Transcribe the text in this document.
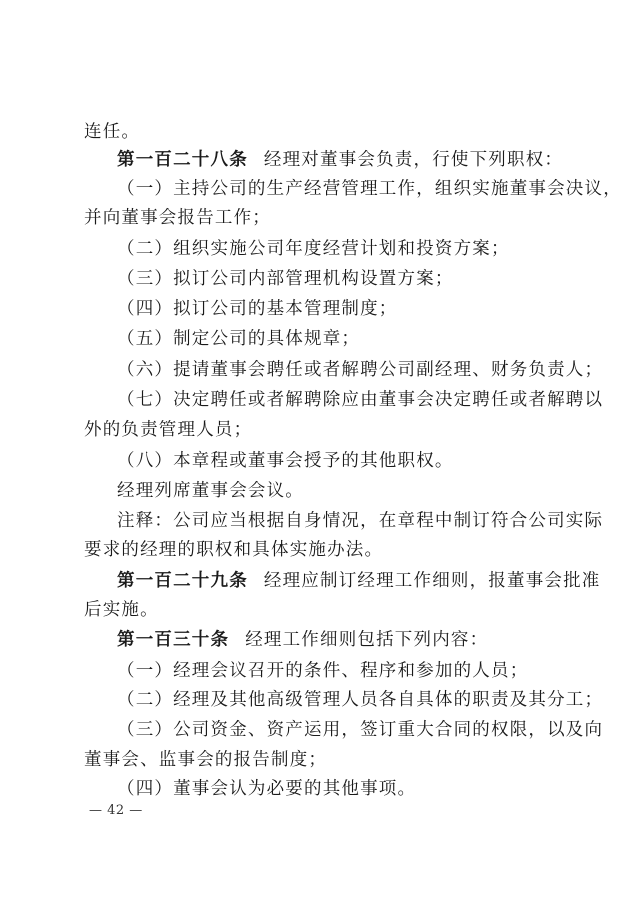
连任。

第一百二十八条 经理对董事会负责，行使下列职权：

（一）主持公司的生产经营管理工作，组织实施董事会决议，

并向董事会报告工作；

（二）组织实施公司年度经营计划和投资方案；

（三）拟订公司内部管理机构设置方案；

（四）拟订公司的基本管理制度；

（五）制定公司的具体规章；

（六）提请董事会聘任或者解聘公司副经理、财务负责人；

（七）决定聘任或者解聘除应由董事会决定聘任或者解聘以

外的负责管理人员；

（八）本章程或董事会授予的其他职权。

经理列席董事会会议。

注释：公司应当根据自身情况，在章程中制订符合公司实际

要求的经理的职权和具体实施办法。

第一百二十九条 经理应制订经理工作细则，报董事会批准

后实施。

第一百三十条 经理工作细则包括下列内容：

（一）经理会议召开的条件、程序和参加的人员；

（二）经理及其他高级管理人员各自具体的职责及其分工；

（三）公司资金、资产运用，签订重大合同的权限，以及向

董事会、监事会的报告制度；

（四）董事会认为必要的其他事项。

— 42 —
